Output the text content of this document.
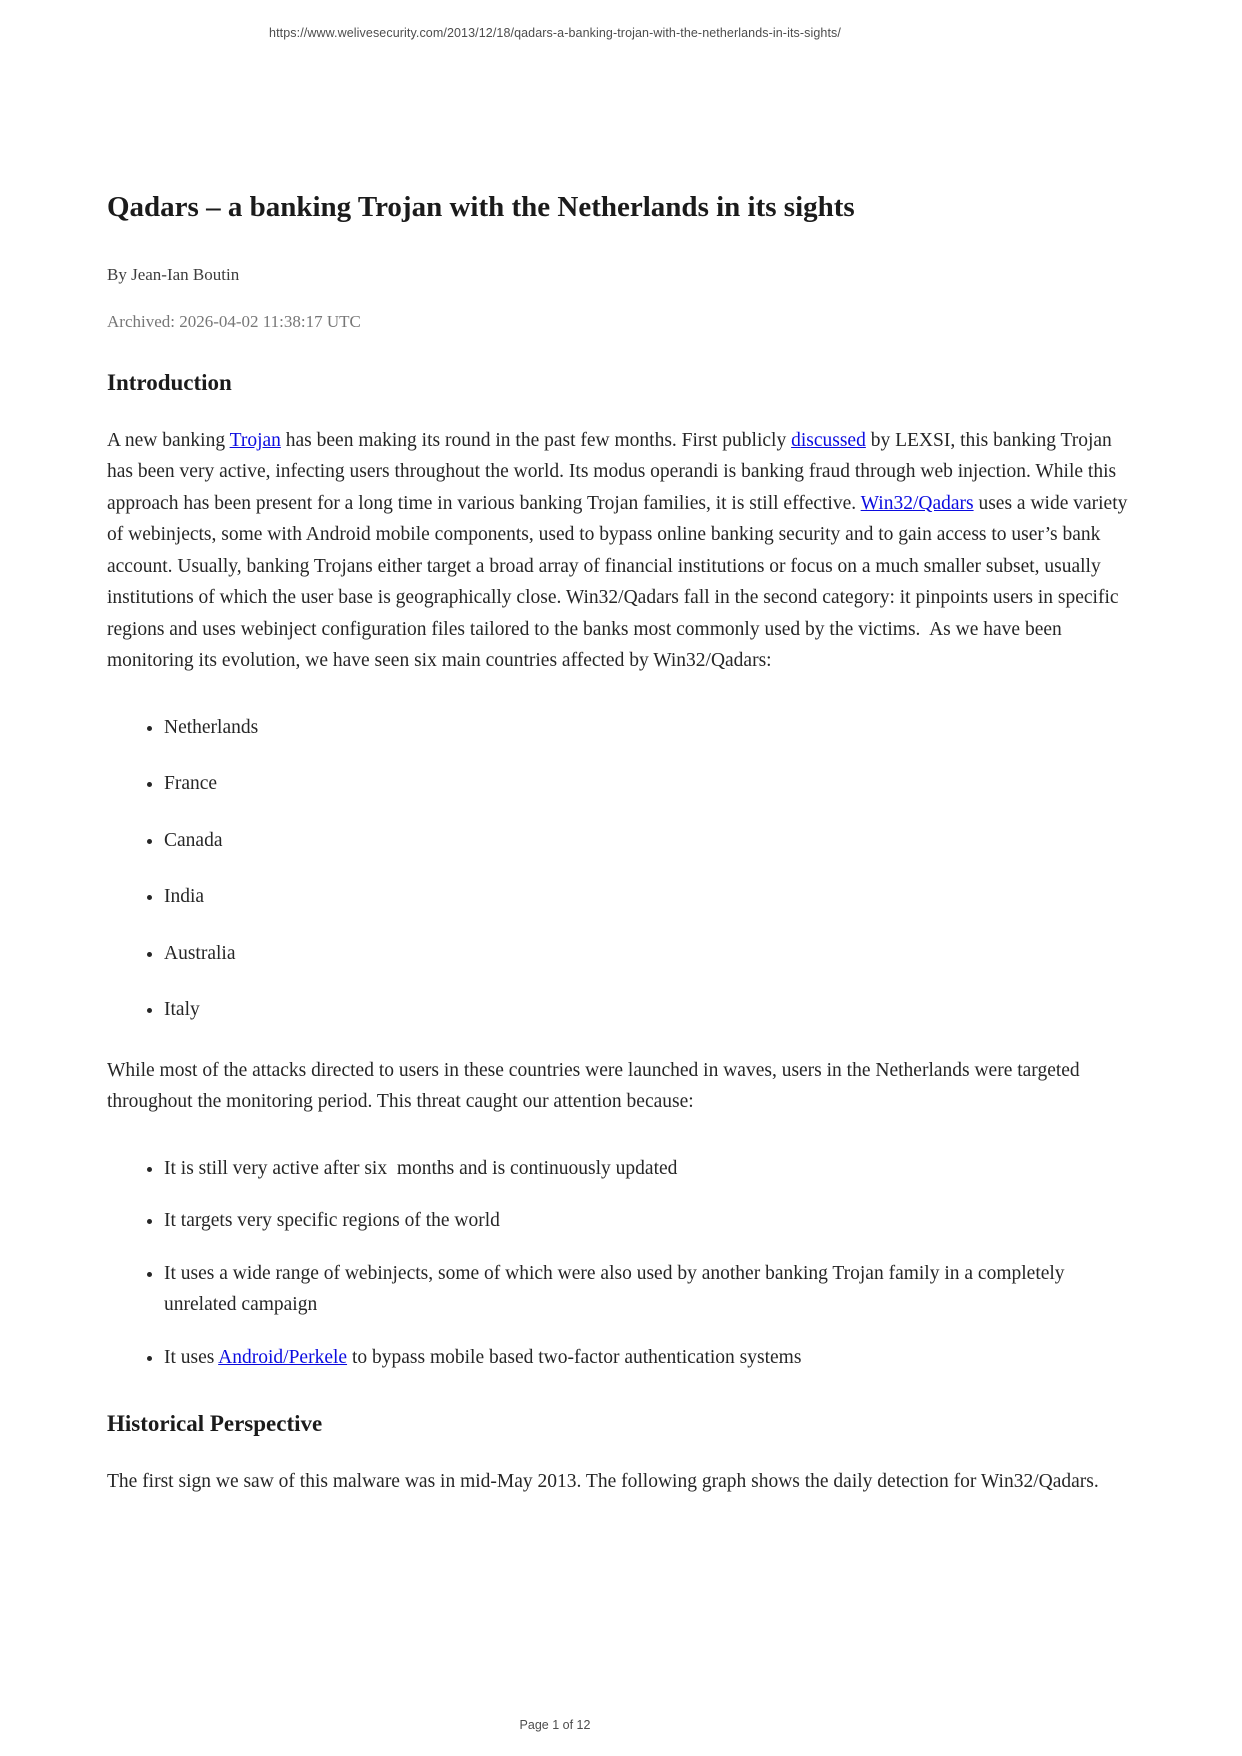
https://www.welivesecurity.com/2013/12/18/qadars-a-banking-trojan-with-the-netherlands-in-its-sights/
Qadars – a banking Trojan with the Netherlands in its sights

By Jean-Ian Boutin

Archived: 2026-04-02 11:38:17 UTC

Introduction

A new banking Trojan has been making its round in the past few months. First publicly discussed by LEXSI, this banking Trojan has been very active, infecting users throughout the world. Its modus operandi is banking fraud through web injection. While this approach has been present for a long time in various banking Trojan families, it is still effective. Win32/Qadars uses a wide variety of webinjects, some with Android mobile components, used to bypass online banking security and to gain access to user’s bank account. Usually, banking Trojans either target a broad array of financial institutions or focus on a much smaller subset, usually institutions of which the user base is geographically close. Win32/Qadars fall in the second category: it pinpoints users in specific regions and uses webinject configuration files tailored to the banks most commonly used by the victims.  As we have been monitoring its evolution, we have seen six main countries affected by Win32/Qadars:

• Netherlands
• France
• Canada
• India
• Australia
• Italy

While most of the attacks directed to users in these countries were launched in waves, users in the Netherlands were targeted throughout the monitoring period. This threat caught our attention because:

• It is still very active after six  months and is continuously updated
• It targets very specific regions of the world
• It uses a wide range of webinjects, some of which were also used by another banking Trojan family in a completely unrelated campaign
• It uses Android/Perkele to bypass mobile based two-factor authentication systems
Historical Perspective

The first sign we saw of this malware was in mid-May 2013. The following graph shows the daily detection for Win32/Qadars.

Page 1 of 12
